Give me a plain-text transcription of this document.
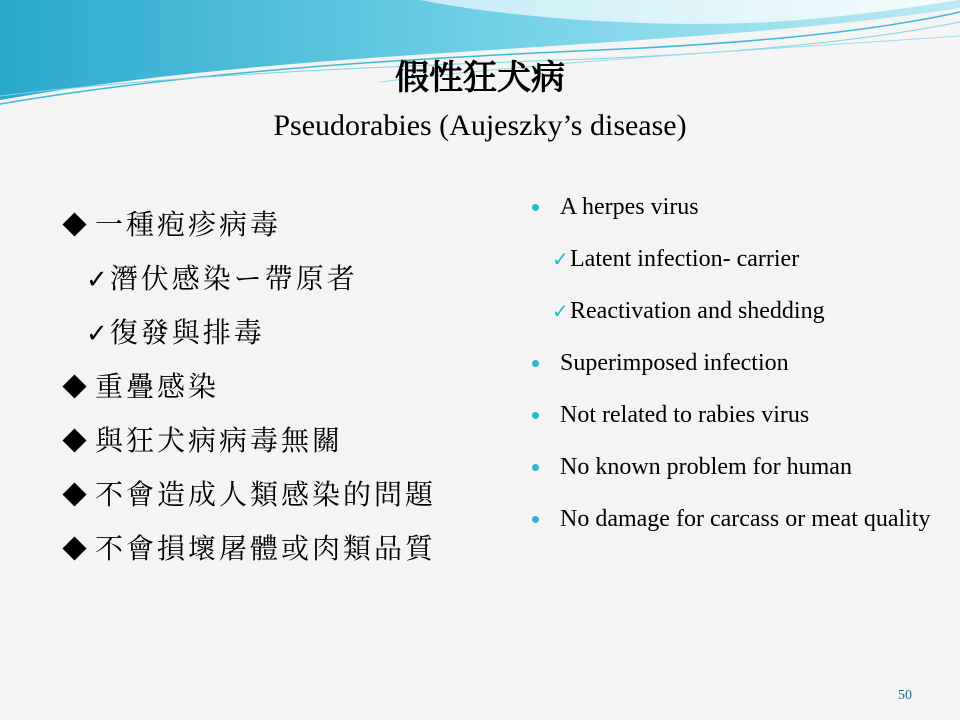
假性狂犬病
Pseudorabies (Aujeszky’s disease)
一種疱疹病毒
✓潛伏感染ー帶原者
✓復發與排毒
重疊感染
與狂犬病病毒無關
不會造成人類感染的問題
不會損壞屠體或肉類品質
A herpes virus
✓ Latent infection- carrier
✓ Reactivation and shedding
Superimposed infection
Not related to rabies virus
No known problem for human
No damage for carcass or meat quality
50
